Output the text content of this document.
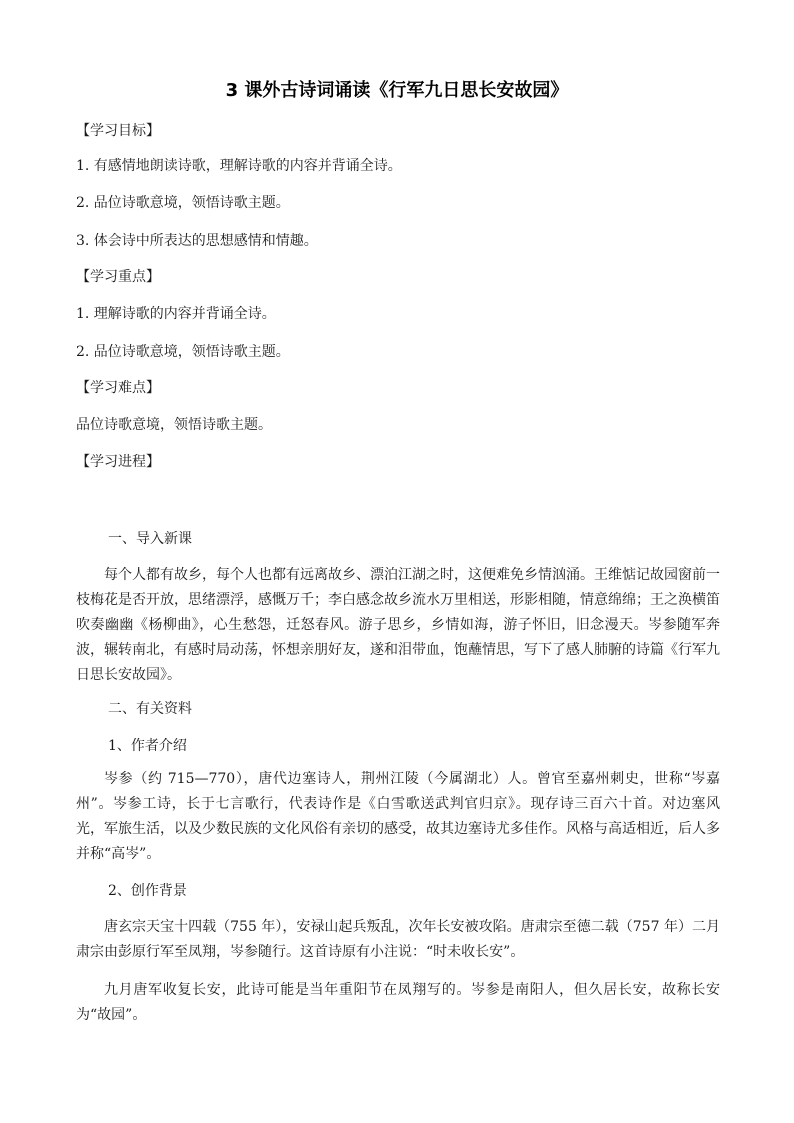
3 课外古诗词诵读《行军九日思长安故园》
【学习目标】
1. 有感情地朗读诗歌，理解诗歌的内容并背诵全诗。
2. 品位诗歌意境，领悟诗歌主题。
3. 体会诗中所表达的思想感情和情趣。
【学习重点】
1. 理解诗歌的内容并背诵全诗。
2. 品位诗歌意境，领悟诗歌主题。
【学习难点】
品位诗歌意境，领悟诗歌主题。
【学习进程】
一、导入新课
每个人都有故乡，每个人也都有远离故乡、漂泊江湖之时，这便难免乡情汹涌。王维惦记故园窗前一枝梅花是否开放，思绪漂浮，感慨万千；李白感念故乡流水万里相送，形影相随，情意绵绵；王之涣横笛吹奏幽幽《杨柳曲》，心生愁怨，迁怒春风。游子思乡，乡情如海，游子怀旧，旧念漫天。岑参随军奔波，辗转南北，有感时局动荡，怀想亲朋好友，遂和泪带血，饱蘸情思，写下了感人肺腑的诗篇《行军九日思长安故园》。
二、有关资料
1、作者介绍
岑参（约 715—770），唐代边塞诗人，荆州江陵（今属湖北）人。曾官至嘉州刺史，世称“岑嘉州”。岑参工诗，长于七言歌行，代表诗作是《白雪歌送武判官归京》。现存诗三百六十首。对边塞风光，军旅生活，以及少数民族的文化风俗有亲切的感受，故其边塞诗尤多佳作。风格与高适相近，后人多并称“高岑”。
2、创作背景
唐玄宗天宝十四载（755 年），安禄山起兵叛乱，次年长安被攻陷。唐肃宗至德二载（757 年）二月肃宗由彭原行军至凤翔，岑参随行。这首诗原有小注说：“时未收长安”。
九月唐军收复长安，此诗可能是当年重阳节在凤翔写的。岑参是南阳人，但久居长安，故称长安为“故园”。
